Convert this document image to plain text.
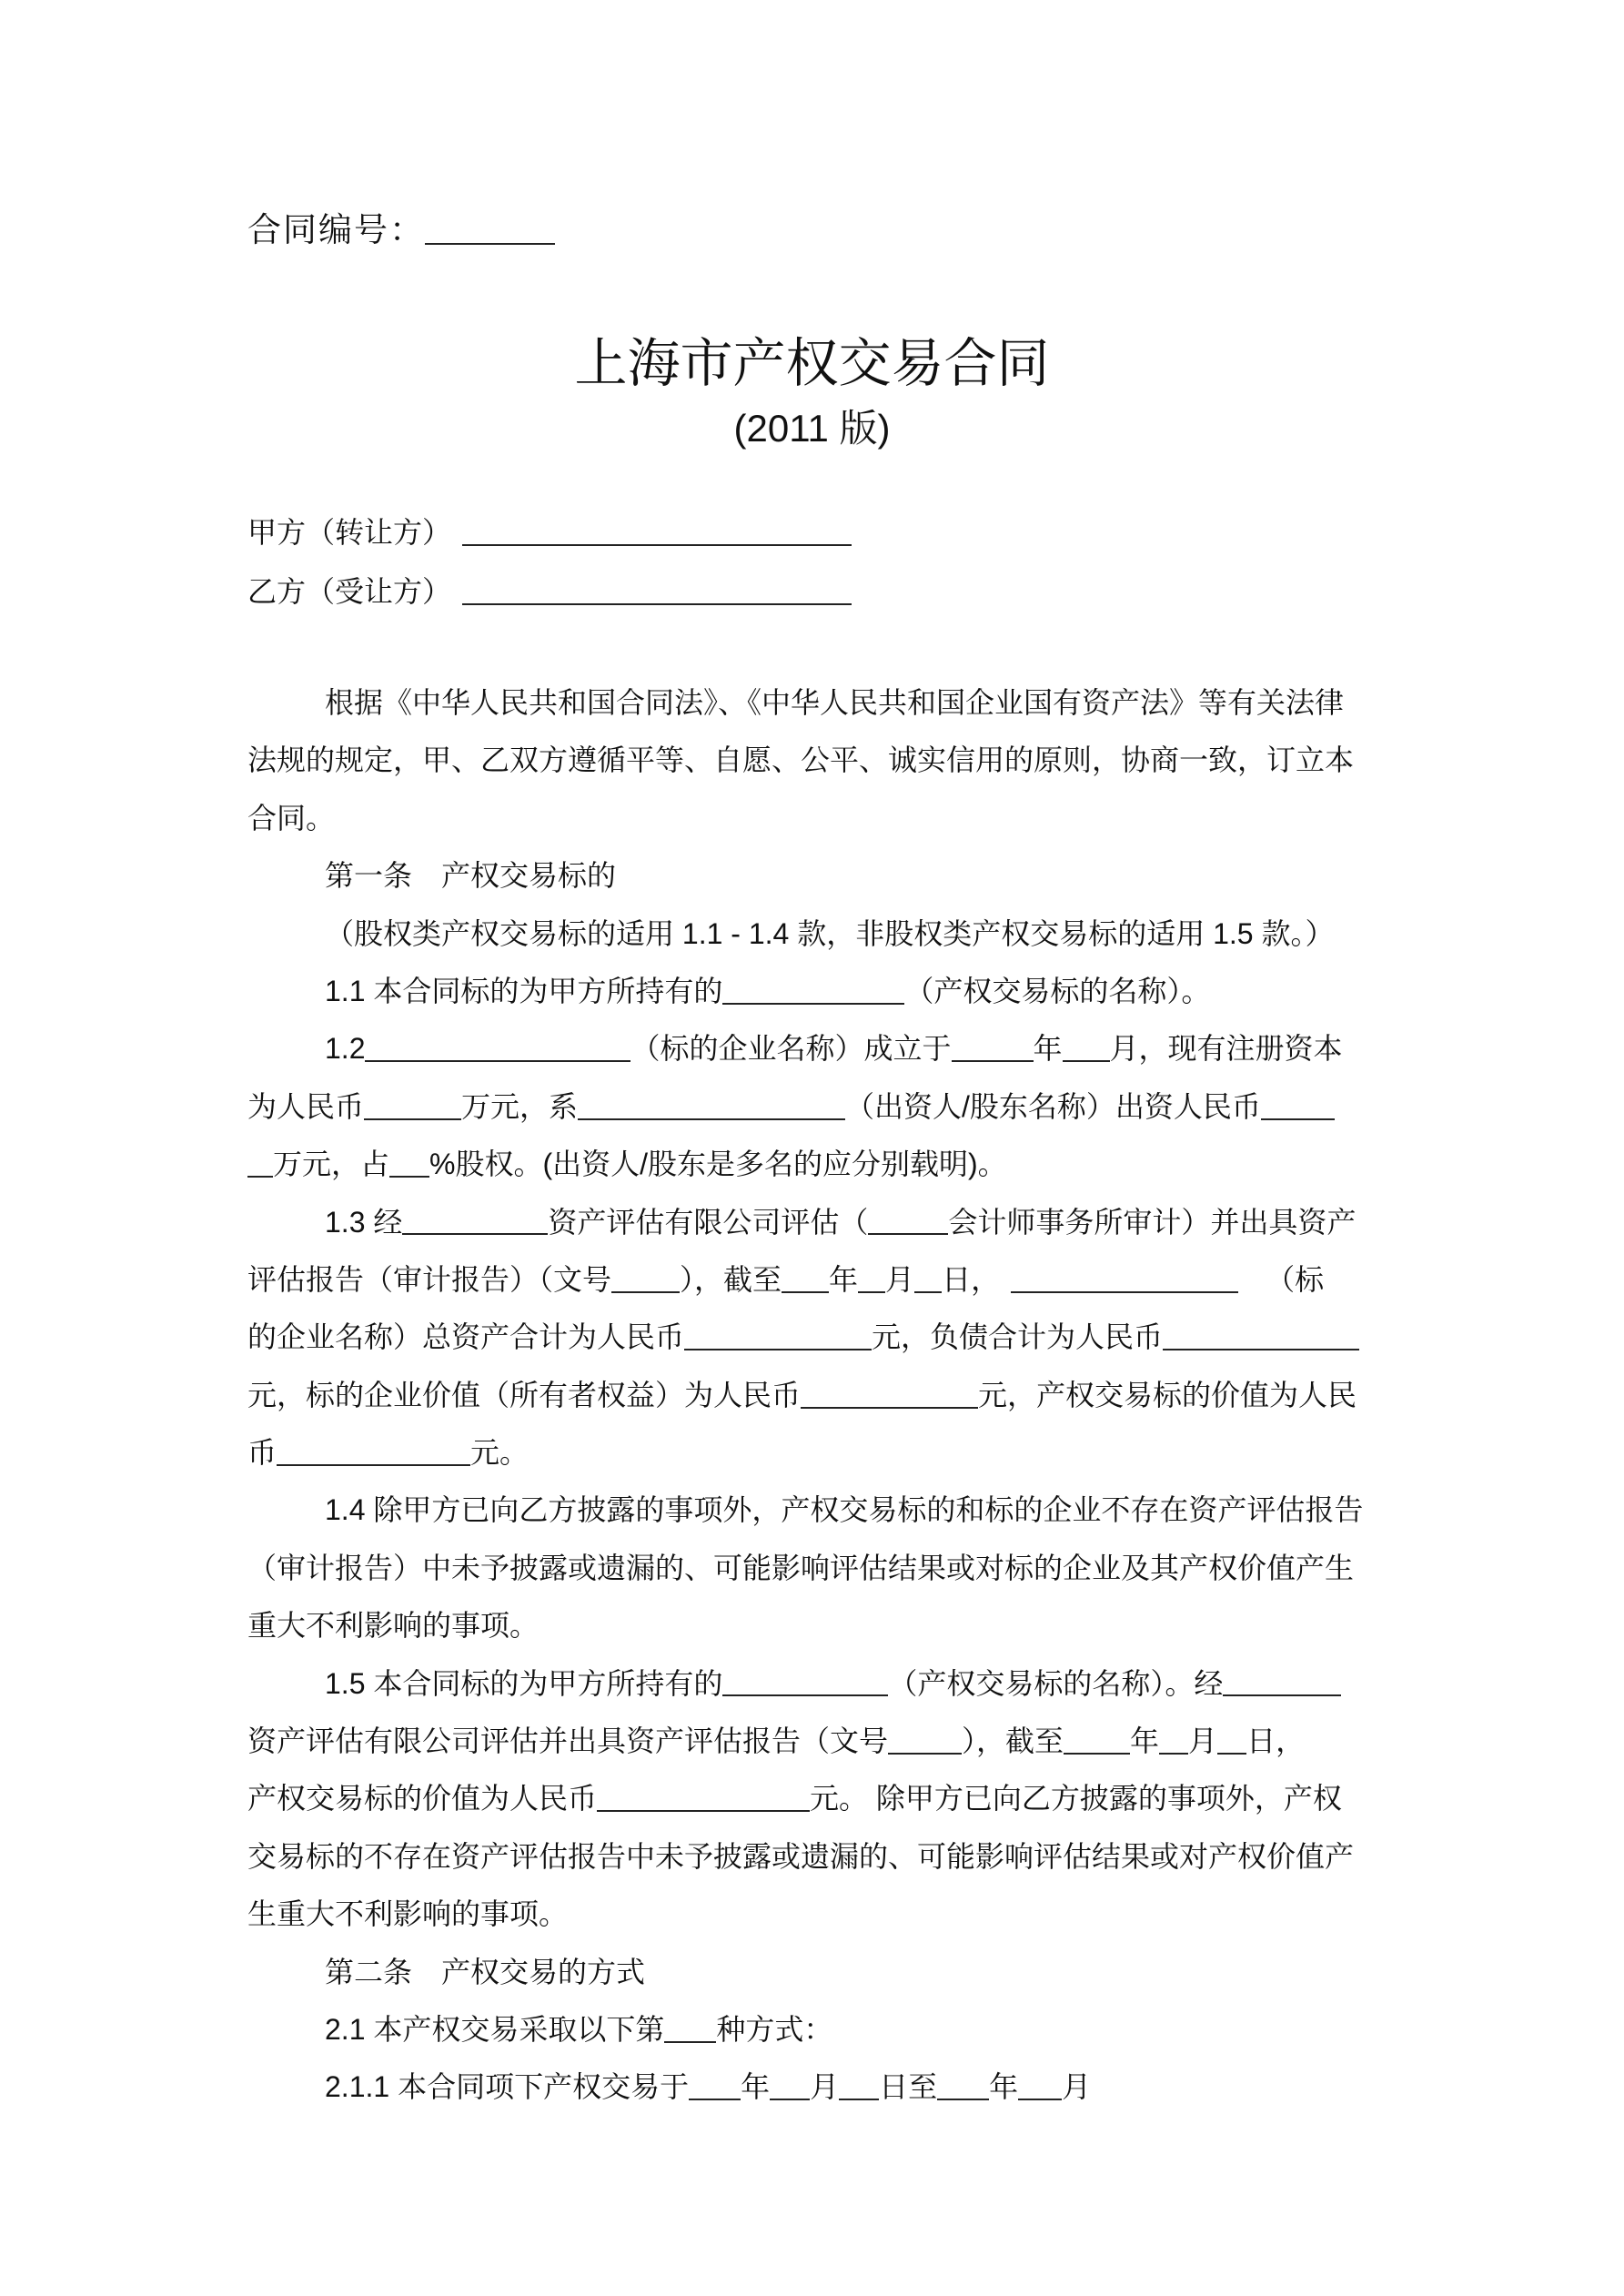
合同编号：
上海市产权交易合同
(2011 版)
甲方（转让方）
乙方（受让方）
根据《中华人民共和国合同法》、《中华人民共和国企业国有资产法》等有关法律
法规的规定，甲、乙双方遵循平等、自愿、公平、诚实信用的原则，协商一致，订立本
合同。
第一条　产权交易标的
（股权类产权交易标的适用 1.1 - 1.4 款，非股权类产权交易标的适用 1.5 款。）
1.1 本合同标的为甲方所持有的	（产权交易标的名称）。
1.2	（标的企业名称）成立于	年 月，现有注册资本
为人民币	万元，系	（出资人/股东名称）出资人民币
万元，占 %股权。(出资人/股东是多名的应分别载明)。
1.3 经	资产评估有限公司评估（	会计师事务所审计）并出具资产
评估报告（审计报告）（文号 ），截至 年 月 日，	（标
的企业名称）总资产合计为人民币	元，负债合计为人民币
元，标的企业价值（所有者权益）为人民币	元，产权交易标的价值为人民
币	元。
1.4 除甲方已向乙方披露的事项外，产权交易标的和标的企业不存在资产评估报告
（审计报告）中未予披露或遗漏的、可能影响评估结果或对标的企业及其产权价值产生
重大不利影响的事项。
1.5 本合同标的为甲方所持有的	（产权交易标的名称）。经
资产评估有限公司评估并出具资产评估报告（文号	），截至 年 月 日，
产权交易标的价值为人民币	元。 除甲方已向乙方披露的事项外，产权
交易标的不存在资产评估报告中未予披露或遗漏的、可能影响评估结果或对产权价值产
生重大不利影响的事项。
第二条　产权交易的方式
2.1 本产权交易采取以下第 种方式：
2.1.1 本合同项下产权交易于 年 月 日至 年 月
